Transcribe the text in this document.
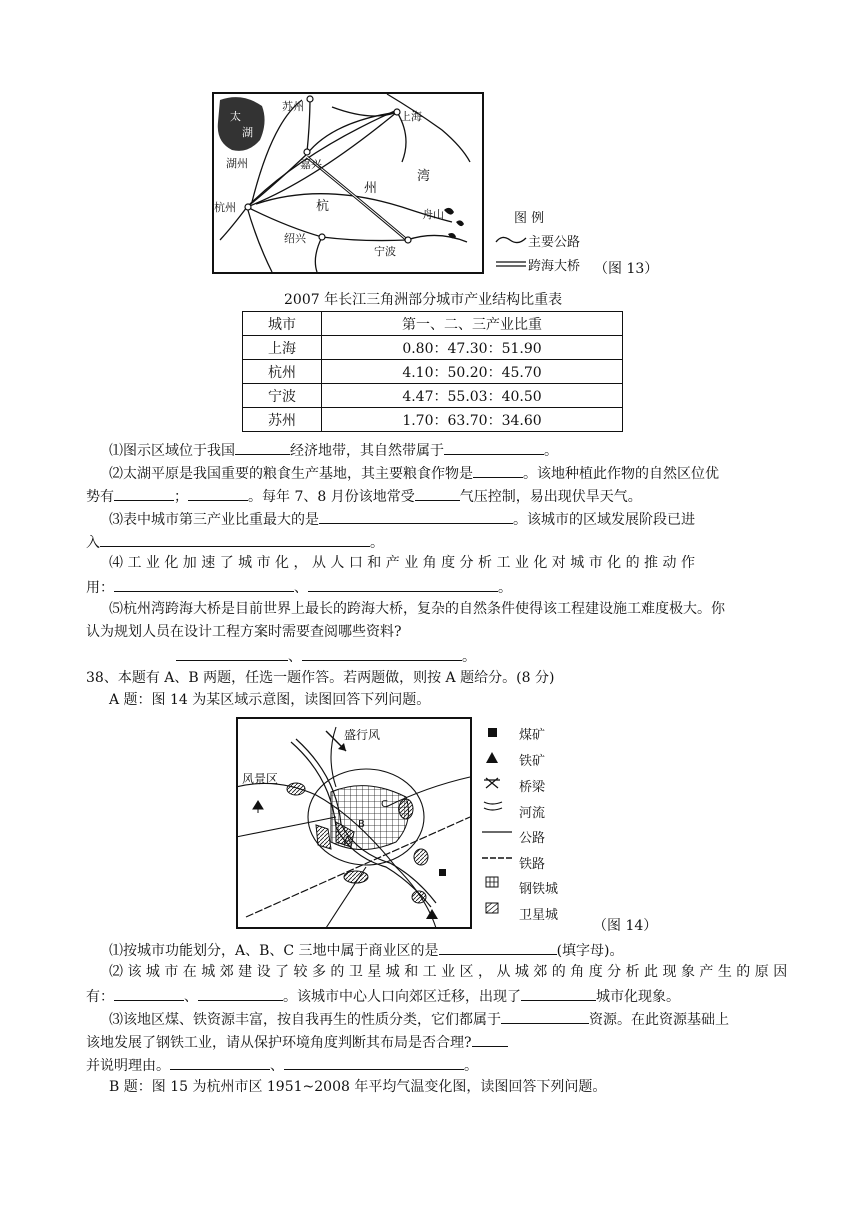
苏州
上海
太
湖
湖州	嘉兴
杭州	杭
州
湾
舟山
绍兴
宁波
图 例
主要公路
跨海大桥 （图 13）
2007 年长江三角洲部分城市产业结构比重表
城市	第一、二、三产业比重
上海	0.80：47.30：51.90
杭州	4.10：50.20：45.70
宁波	4.47：55.03：40.50
苏州	1.70：63.70：34.60
⑴图示区域位于我国	经济地带，其自然带属于	。
⑵太湖平原是我国重要的粮食生产基地，其主要粮食作物是	。该地种植此作物的自然区位优
势有	；	。每年 7、8 月份该地常受	气压控制，易出现伏旱天气。
⑶表中城市第三产业比重最大的是	。该城市的区域发展阶段已进
入	。
⑷ 工 业 化 加 速 了 城 市 化 ， 从 人 口 和 产 业 角 度 分 析 工 业 化 对 城 市 化 的 推 动 作
用：	、	。
⑸杭州湾跨海大桥是目前世界上最长的跨海大桥，复杂的自然条件使得该工程建设施工难度极大。你
认为规划人员在设计工程方案时需要查阅哪些资料?
、	。
38、本题有 A、B 两题，任选一题作答。若两题做，则按 A 题给分。(8 分)
A 题：图 14 为某区域示意图，读图回答下列问题。
盛行风
风景区
A
B
C
煤矿
铁矿
桥梁
河流
公路
铁路
钢铁城
卫星城
（图 14）
⑴按城市功能划分，A、B、C 三地中属于商业区的是	(填字母)。
⑵ 该 城 市 在 城 郊 建 设 了 较 多 的 卫 星 城 和 工 业 区 ， 从 城 郊 的 角 度 分 析 此 现 象 产 生 的 原 因
有：	、	。该城市中心人口向郊区迁移，出现了	城市化现象。
⑶该地区煤、铁资源丰富，按自我再生的性质分类，它们都属于	资源。在此资源基础上
该地发展了钢铁工业，请从保护环境角度判断其布局是否合理?
并说明理由。	、	。
B 题：图 15 为杭州市区 1951~2008 年平均气温变化图，读图回答下列问题。
